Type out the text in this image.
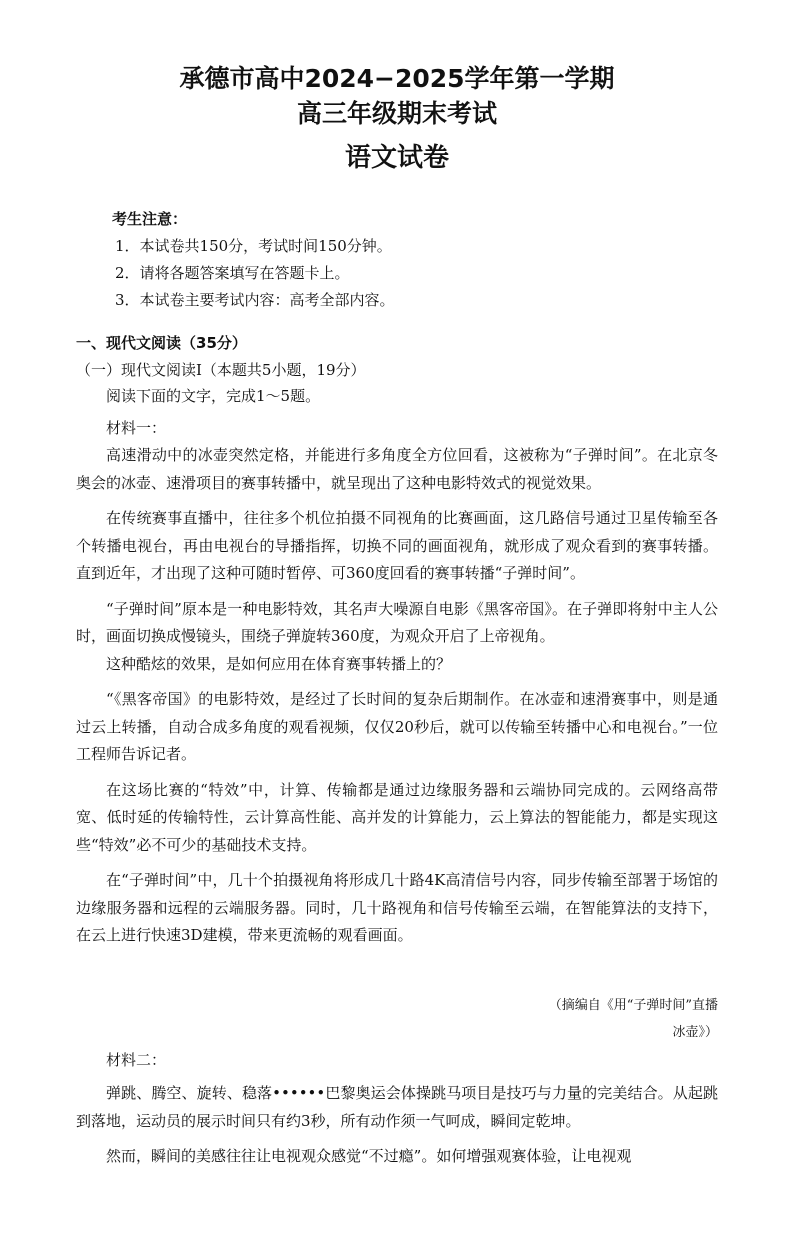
承德市高中2024−2025学年第一学期
高三年级期末考试
语文试卷
考生注意：
1．本试卷共150分，考试时间150分钟。
2．请将各题答案填写在答题卡上。
3．本试卷主要考试内容：高考全部内容。
一、现代文阅读（35分）
（一）现代文阅读I（本题共5小题，19分）
阅读下面的文字，完成1～5题。
材料一：

高速滑动中的冰壶突然定格，并能进行多角度全方位回看，这被称为“子弹时间”。在北京冬奥会的冰壶、速滑项目的赛事转播中，就呈现出了这种电影特效式的视觉效果。

在传统赛事直播中，往往多个机位拍摄不同视角的比赛画面，这几路信号通过卫星传输至各个转播电视台，再由电视台的导播指挥，切换不同的画面视角，就形成了观众看到的赛事转播。直到近年，才出现了这种可随时暂停、可360度回看的赛事转播“子弹时间”。

“子弹时间”原本是一种电影特效，其名声大噪源自电影《黑客帝国》。在子弹即将射中主人公时，画面切换成慢镜头，围绕子弹旋转360度，为观众开启了上帝视角。

这种酷炫的效果，是如何应用在体育赛事转播上的？

“《黑客帝国》的电影特效，是经过了长时间的复杂后期制作。在冰壶和速滑赛事中，则是通过云上转播，自动合成多角度的观看视频，仅仅20秒后，就可以传输至转播中心和电视台。”一位工程师告诉记者。

在这场比赛的“特效”中，计算、传输都是通过边缘服务器和云端协同完成的。云网络高带宽、低时延的传输特性，云计算高性能、高并发的计算能力，云上算法的智能能力，都是实现这些“特效”必不可少的基础技术支持。

在“子弹时间”中，几十个拍摄视角将形成几十路4K高清信号内容，同步传输至部署于场馆的边缘服务器和远程的云端服务器。同时，几十路视角和信号传输至云端，在智能算法的支持下，在云上进行快速3D建模，带来更流畅的观看画面。

（摘编自《用“子弹时间”直播
冰壶》）
材料二：

弹跳、腾空、旋转、稳落••••••巴黎奥运会体操跳马项目是技巧与力量的完美结合。从起跳到落地，运动员的展示时间只有约3秒，所有动作须一气呵成，瞬间定乾坤。

然而，瞬间的美感往往让电视观众感觉“不过瘾”。如何增强观赛体验，让电视观
